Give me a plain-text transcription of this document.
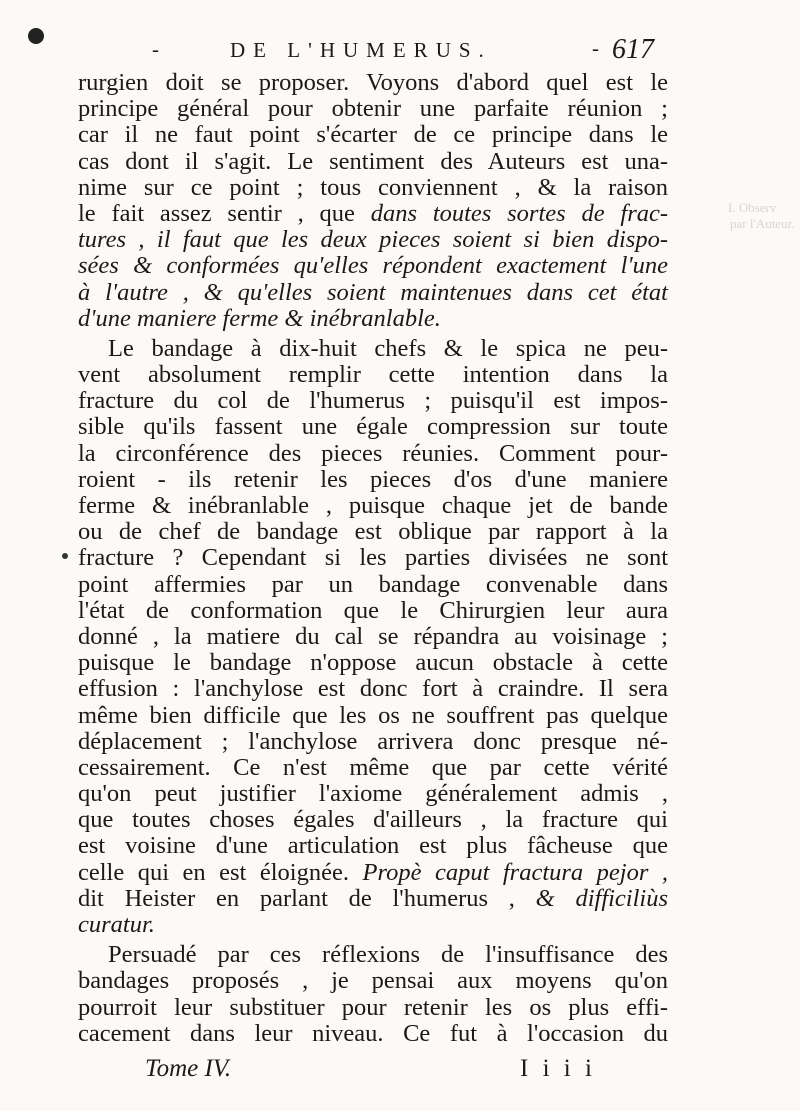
I. Observ
par l'Auteur.
-	DE L'HUMERUS.	- 617
rurgien doit se proposer. Voyons d'abord quel est le
principe général pour obtenir une parfaite réunion ;
car il ne faut point s'écarter de ce principe dans le
cas dont il s'agit. Le sentiment des Auteurs est una-
nime sur ce point ; tous conviennent , & la raison
le fait assez sentir , que dans toutes sortes de frac-
tures , il faut que les deux pieces soient si bien dispo-
sées & conformées qu'elles répondent exactement l'une
à l'autre , & qu'elles soient maintenues dans cet état
d'une maniere ferme & inébranlable.
Le bandage à dix-huit chefs & le spica ne peu-
vent absolument remplir cette intention dans la
fracture du col de l'humerus ; puisqu'il est impos-
sible qu'ils fassent une égale compression sur toute
la circonférence des pieces réunies. Comment pour-
roient - ils retenir les pieces d'os d'une maniere
ferme & inébranlable , puisque chaque jet de bande
ou de chef de bandage est oblique par rapport à la
fracture ? Cependant si les parties divisées ne sont
point affermies par un bandage convenable dans
l'état de conformation que le Chirurgien leur aura
donné , la matiere du cal se répandra au voisinage ;
puisque le bandage n'oppose aucun obstacle à cette
effusion : l'anchylose est donc fort à craindre. Il sera
même bien difficile que les os ne souffrent pas quelque
déplacement ; l'anchylose arrivera donc presque né-
cessairement. Ce n'est même que par cette vérité
qu'on peut justifier l'axiome généralement admis ,
que toutes choses égales d'ailleurs , la fracture qui
est voisine d'une articulation est plus fâcheuse que
celle qui en est éloignée. Propè caput fractura pejor ,
dit Heister en parlant de l'humerus , & difficiliùs
curatur.
Persuadé par ces réflexions de l'insuffisance des
bandages proposés , je pensai aux moyens qu'on
pourroit leur substituer pour retenir les os plus effi-
cacement dans leur niveau. Ce fut à l'occasion du
Tome IV.	I i i i
